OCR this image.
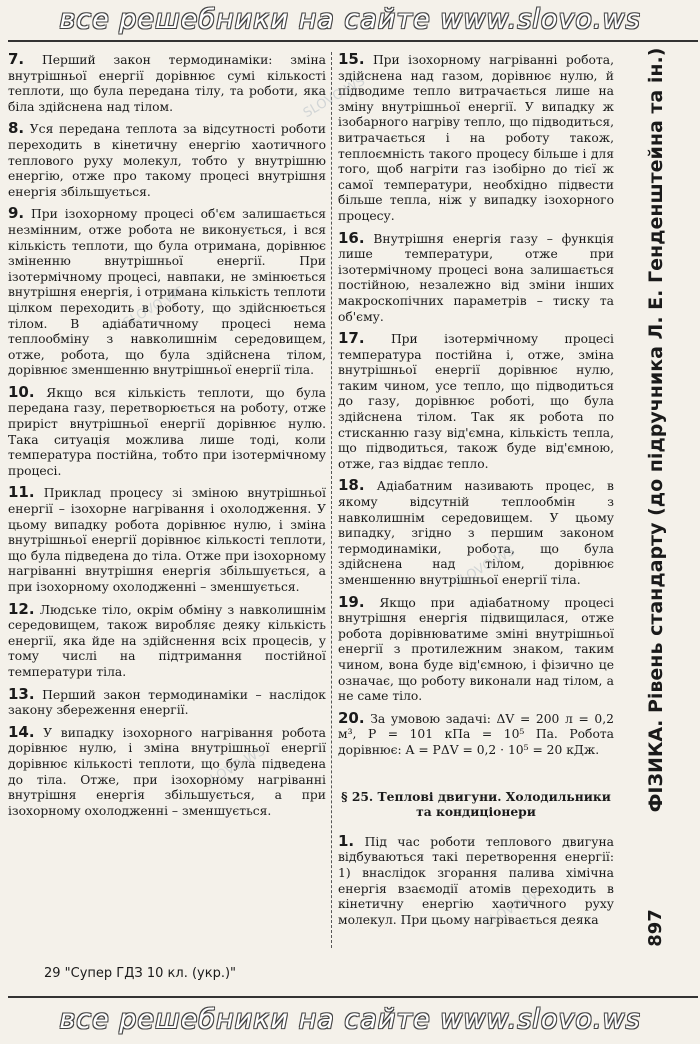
все решебники на сайте www.slovo.ws

7. Перший закон термодинаміки: зміна внутрішньої енергії дорівнює сумі кількості теплоти, що була передана тілу, та роботи, яка біла здійснена над тілом.

8. Уся передана теплота за відсутності роботи переходить в кінетичну енергію хаотичного теплового руху молекул, тобто у внутрішню енергію, отже про такому процесі внутрішня енергія збільшується.

9. При ізохорному процесі об'єм залишається незмінним, отже робота не виконується, і вся кількість теплоти, що була отримана, дорівнює зміненню внутрішньої енергії. При ізотермічному процесі, навпаки, не змінюється внутрішня енергія, і отримана кількість теплоти цілком переходить в роботу, що здійснюється тілом. В адіабатичному процесі нема теплообміну з навколишнім середовищем, отже, робота, що була здійснена тілом, дорівнює зменшенню внутрішньої енергії тіла.

10. Якщо вся кількість теплоти, що була передана газу, перетворюється на роботу, отже приріст внутрішньої енергії дорівнює нулю. Така ситуація можлива лише тоді, коли температура постійна, тобто при ізотермічному процесі.

11. Приклад процесу зі зміною внутрішньої енергії – ізохорне нагрівання і охолодження. У цьому випадку робота дорівнює нулю, і зміна внутрішньої енергії дорівнює кількості теплоти, що була підведена до тіла. Отже при ізохорному нагріванні внутрішня енергія збільшується, а при ізохорному охолодженні – зменшується.

12. Людське тіло, окрім обміну з навколишнім середовищем, також виробляє деяку кількість енергії, яка йде на здійснення всіх процесів, у тому числі на підтримання постійної температури тіла.

13. Перший закон термодинаміки – наслідок закону збереження енергії.

14. У випадку ізохорного нагрівання робота дорівнює нулю, і зміна внутрішньої енергії дорівнює кількості теплоти, що була підведена до тіла. Отже, при ізохорному нагріванні внутрішня енергія збільшується, а при ізохорному охолодженні – зменшується.

15. При ізохорному нагріванні робота, здійснена над газом, дорівнює нулю, й підводиме тепло витрачається лише на зміну внутрішньої енергії. У випадку ж ізобарного нагріву тепло, що підводиться, витрачається і на роботу також, теплоємність такого процесу більше і для того, щоб нагріти газ ізобірно до тієї ж самої температури, необхідно підвести більше тепла, ніж у випадку ізохорного процесу.

16. Внутрішня енергія газу – функція лише температури, отже при ізотермічному процесі вона залишається постійною, незалежно від зміни інших макроскопічних параметрів – тиску та об'єму.

17. При ізотермічному процесі температура постійна і, отже, зміна внутрішньої енергії дорівнює нулю, таким чином, усе тепло, що підводиться до газу, дорівнює роботі, що була здійснена тілом. Так як робота по стисканню газу від'ємна, кількість тепла, що підводиться, також буде від'ємною, отже, газ віддає тепло.

18. Адіабатним називають процес, в якому відсутній теплообмін з навколишнім середовищем. У цьому випадку, згідно з першим законом термодинаміки, робота, що була здійснена над тілом, дорівнює зменшенню внутрішньої енергії тіла.

19. Якщо при адіабатному процесі внутрішня енергія підвищилася, отже робота дорівнюватиме зміні внутрішньої енергії з протилежним знаком, таким чином, вона буде від'ємною, і фізично це означає, що роботу виконали над тілом, а не саме тіло.

20. За умовою задачі: ΔV = 200 л = 0,2 м³, P = 101 кПа = 10⁵ Па. Робота дорівнює: A = PΔV = 0,2 · 10⁵ = 20 кДж.

§ 25. Теплові двигуни. Холодильники та кондиціонери

1. Під час роботи теплового двигуна відбуваються такі перетворення енергії: 1) внаслідок згорання палива хімічна енергія взаємодії атомів переходить в кінетичну енергію хаотичного руху молекул. При цьому нагрівається деяка

ФІЗИКА. Рівень стандарту (до підручника Л. Е. Генденштейна та ін.)
897
29 "Супер ГДЗ 10 кл. (укр.)"
все решебники на сайте www.slovo.ws
SLOVO.WS
SLOVO.WS
SLOVO.WS
SLOVO.WS
SLOVO.WS
